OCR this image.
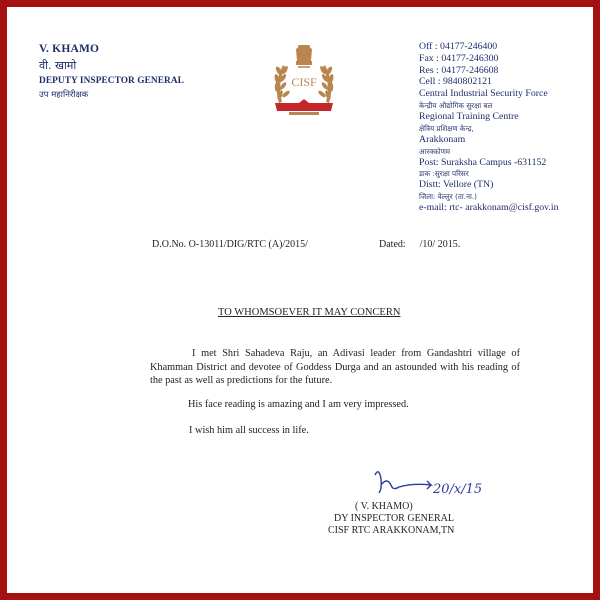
V. KHAMO
वी. खामो
DEPUTY INSPECTOR GENERAL
उप महानिरीक्षक
CISF
Off : 04177-246400
Fax : 04177-246300
Res : 04177-246608
Cell : 9840802121
Central Industrial Security Force
केन्द्रीय औद्योगिक सुरक्षा बल
Regional Training Centre
क्षेत्रिय प्रशिक्षण केन्द्र,
Arakkonam
आरक्कोणम
Post: Suraksha Campus -631152
डाक :सुरक्षा परिसर
Distt: Vellore (TN)
जिला: वेल्लुर (ता.ना.)
e-mail: rtc- arakkonam@cisf.gov.in
D.O.No. O-13011/DIG/RTC (A)/2015/	Dated: /10/ 2015.
TO WHOMSOEVER IT MAY CONCERN
I met Shri Sahadeva Raju, an Adivasi leader from Gandashtri village of Khamman District and devotee of Goddess Durga and an astounded with his reading of the past as well as predictions for the future.
His face reading is amazing and I am very impressed.
I wish him all success in life.
20/x/15
( V. KHAMO)
DY INSPECTOR GENERAL
CISF RTC ARAKKONAM,TN
